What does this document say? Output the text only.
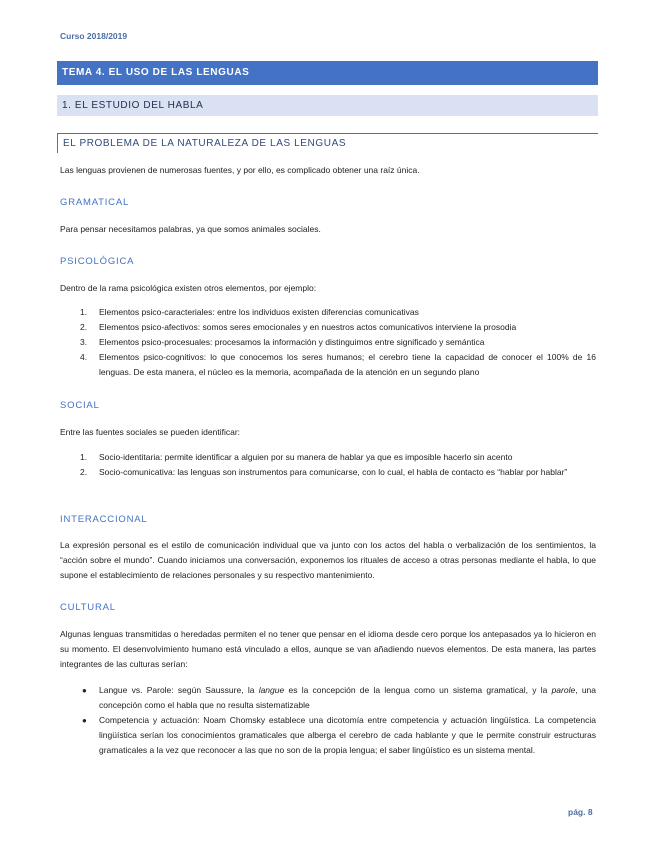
Curso 2018/2019
TEMA 4. EL USO DE LAS LENGUAS
1. EL ESTUDIO DEL HABLA
EL PROBLEMA DE LA NATURALEZA DE LAS LENGUAS
Las lenguas provienen de numerosas fuentes, y por ello, es complicado obtener una raíz única.
GRAMATICAL
Para pensar necesitamos palabras, ya que somos animales sociales.
PSICOLÓGICA
Dentro de la rama psicológica existen otros elementos, por ejemplo:
1. Elementos psico-caracteriales: entre los individuos existen diferencias comunicativas
2. Elementos psico-afectivos: somos seres emocionales y en nuestros actos comunicativos interviene la prosodia
3. Elementos psico-procesuales: procesamos la información y distinguimos entre significado y semántica
4. Elementos psico-cognitivos: lo que conocemos los seres humanos; el cerebro tiene la capacidad de conocer el 100% de 16 lenguas. De esta manera, el núcleo es la memoria, acompañada de la atención en un segundo plano
SOCIAL
Entre las fuentes sociales se pueden identificar:
1. Socio-identitaria: permite identificar a alguien por su manera de hablar ya que es imposible hacerlo sin acento
2. Socio-comunicativa: las lenguas son instrumentos para comunicarse, con lo cual, el habla de contacto es “hablar por hablar”
INTERACCIONAL
La expresión personal es el estilo de comunicación individual que va junto con los actos del habla o verbalización de los sentimientos, la “acción sobre el mundo”. Cuando iniciamos una conversación, exponemos los rituales de acceso a otras personas mediante el habla, lo que supone el establecimiento de relaciones personales y su respectivo mantenimiento.
CULTURAL
Algunas lenguas transmitidas o heredadas permiten el no tener que pensar en el idioma desde cero porque los antepasados ya lo hicieron en su momento. El desenvolvimiento humano está vinculado a ellos, aunque se van añadiendo nuevos elementos. De esta manera, las partes integrantes de las culturas serían:
● Langue vs. Parole: según Saussure, la langue es la concepción de la lengua como un sistema gramatical, y la parole, una concepción como el habla que no resulta sistematizable
● Competencia y actuación: Noam Chomsky establece una dicotomía entre competencia y actuación lingüística. La competencia lingüística serían los conocimientos gramaticales que alberga el cerebro de cada hablante y que le permite construir estructuras gramaticales a la vez que reconocer a las que no son de la propia lengua; el saber lingüístico es un sistema mental.
pág. 8
